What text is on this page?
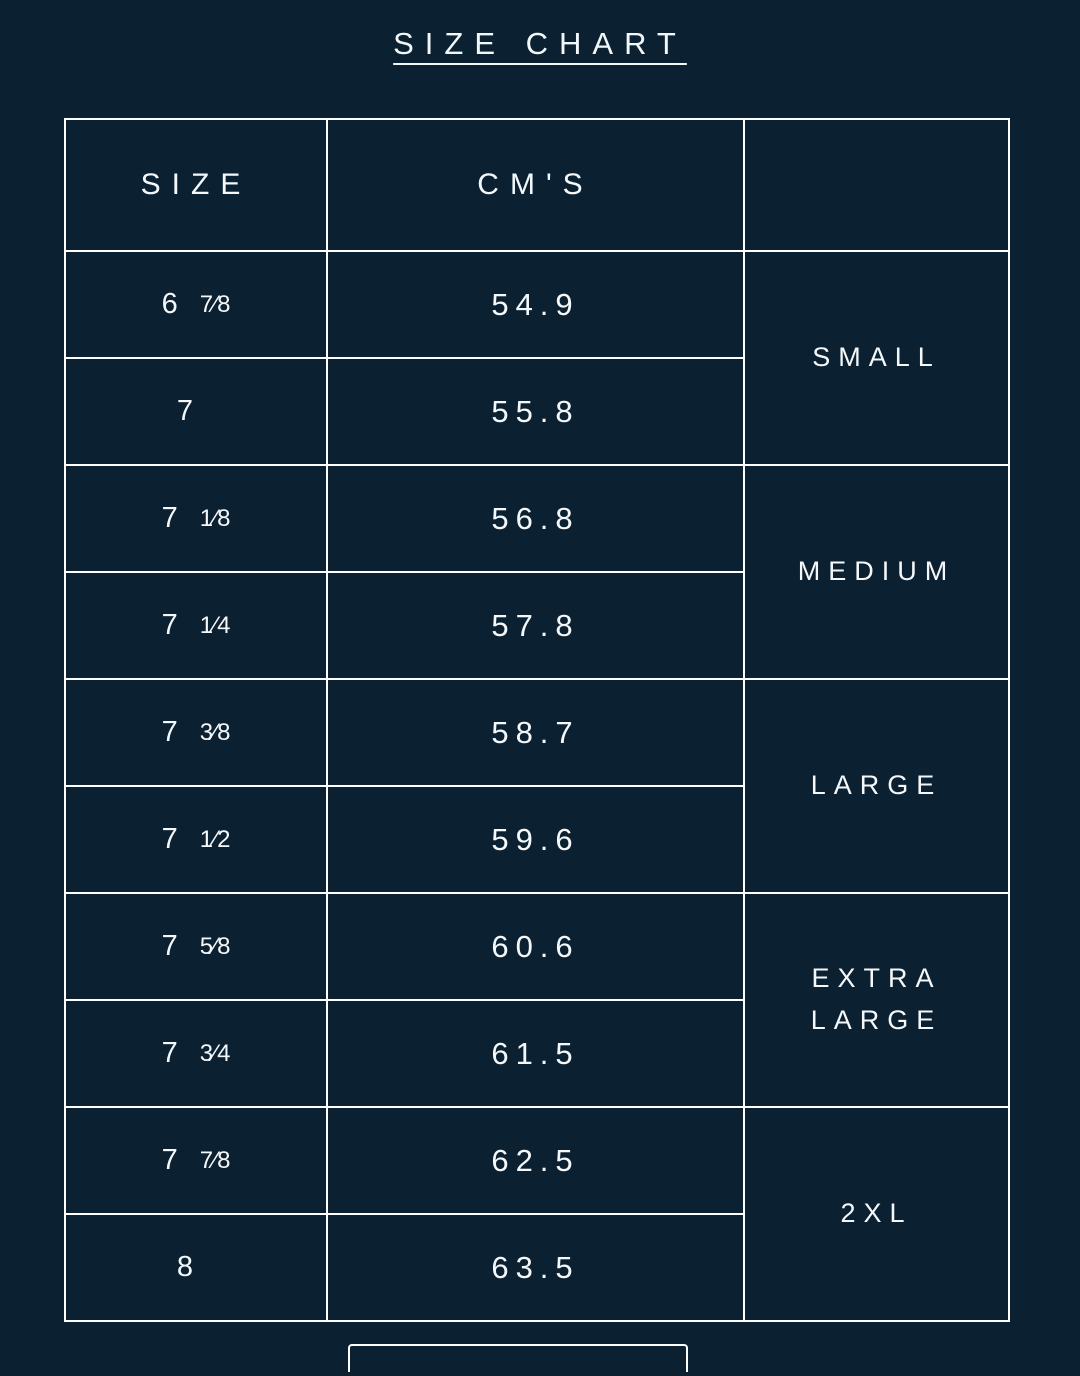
SIZE CHART
SIZE	CM'S	
6 7⁄8	54.9	SMALL
7	55.8	
7 1⁄8	56.8	MEDIUM
7 1⁄4	57.8	
7 3⁄8	58.7	LARGE
7 1⁄2	59.6	
7 5⁄8	60.6	EXTRA LARGE
7 3⁄4	61.5	
7 7⁄8	62.5	2XL
8	63.5	
